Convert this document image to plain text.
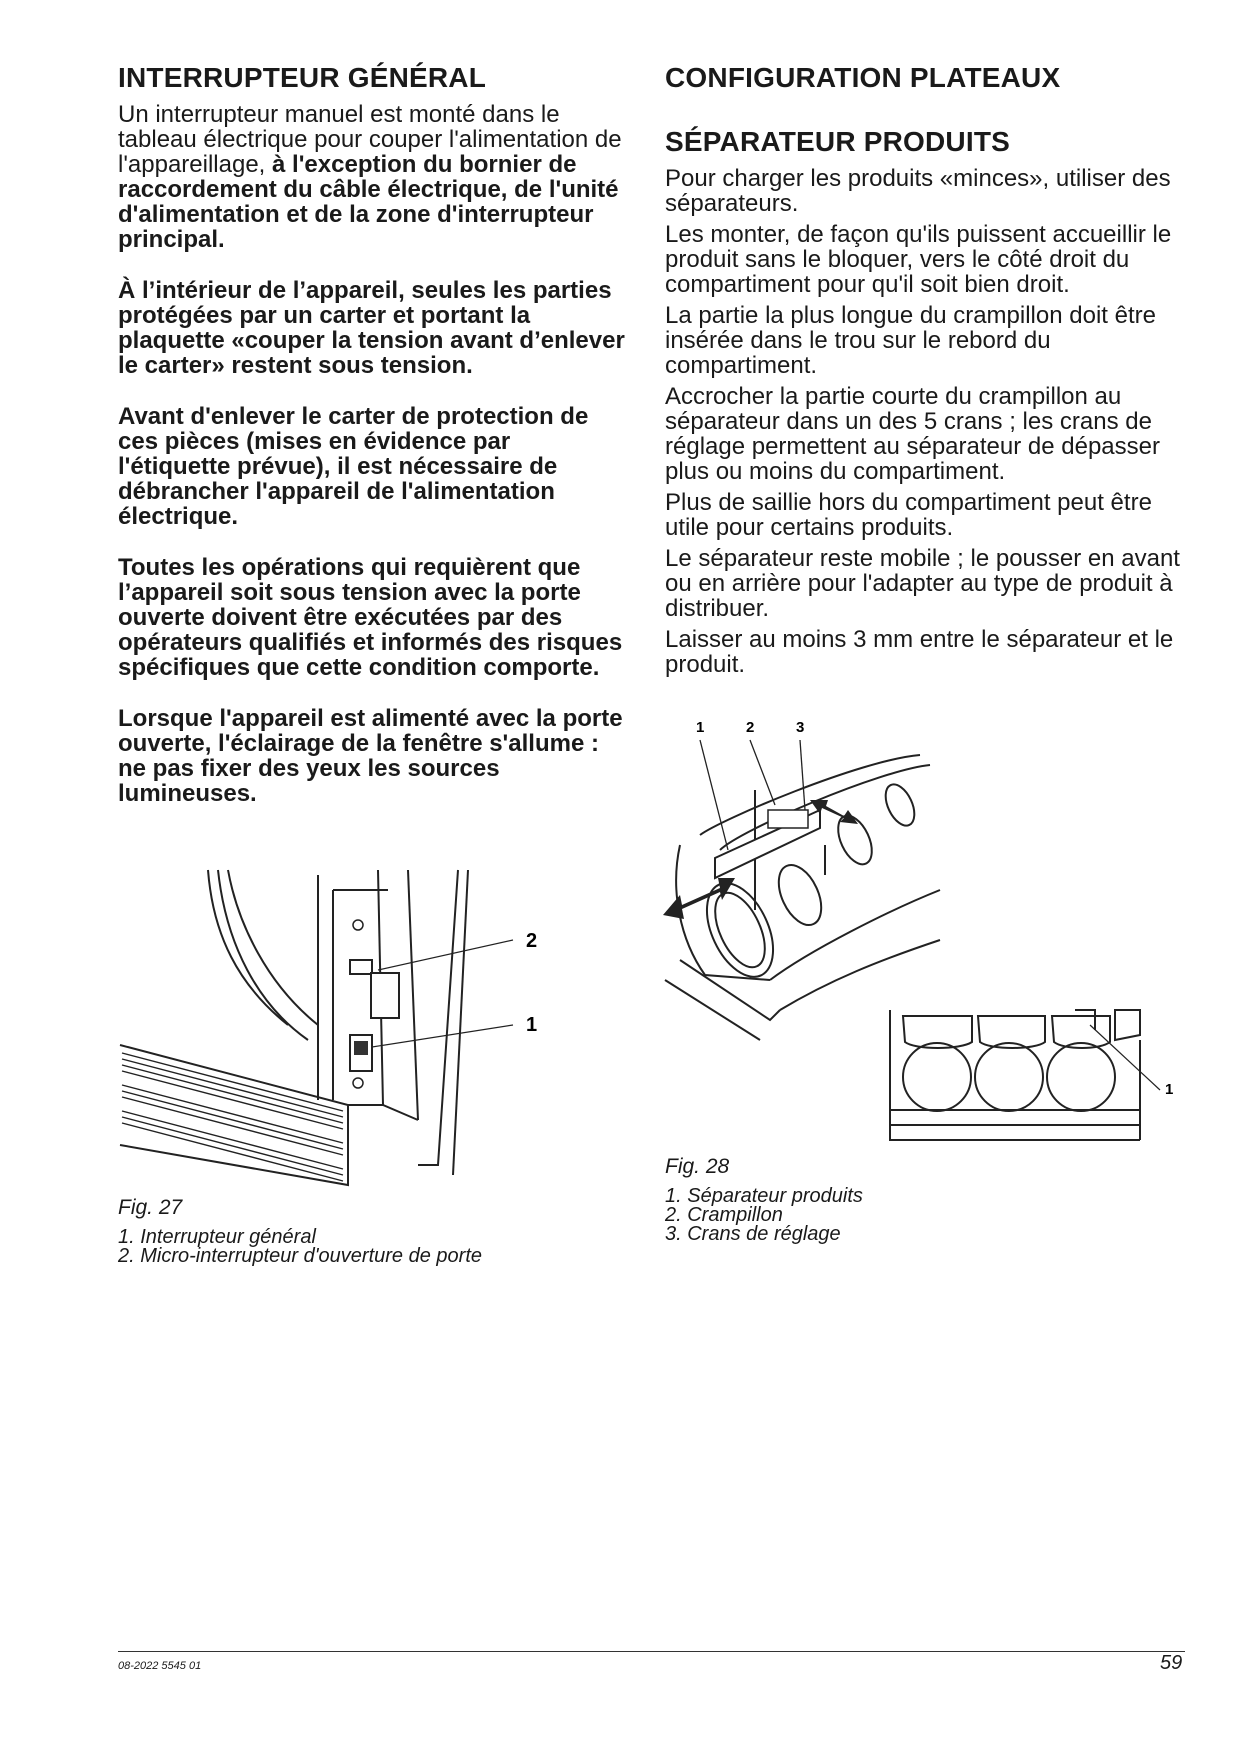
INTERRUPTEUR GÉNÉRAL
Un interrupteur manuel est monté dans le tableau électrique pour couper l'alimentation de l'appareillage, à l'exception du bornier de raccordement du câble électrique, de l'unité d'alimentation et de la zone d'interrupteur principal.
À l’intérieur de l’appareil, seules les parties protégées par un carter et portant la plaquette «couper la tension avant d’enlever le carter» restent sous tension.
Avant d'enlever le carter de protection de ces pièces (mises en évidence par l'étiquette prévue), il est nécessaire de débrancher l'appareil de l'alimentation électrique.
Toutes les opérations qui requièrent que l’appareil soit sous tension avec la porte ouverte doivent être exécutées par des opérateurs qualifiés et informés des risques spécifiques que cette condition comporte.
Lorsque l'appareil est alimenté avec la porte ouverte, l'éclairage de la fenêtre s'allume : ne pas fixer des yeux les sources lumineuses.
2
1

Fig. 27

1. Interrupteur général

2. Micro-interrupteur d'ouverture de porte

CONFIGURATION PLATEAUX
SÉPARATEUR PRODUITS
Pour charger les produits «minces», utiliser des séparateurs.
Les monter, de façon qu'ils puissent accueillir le produit sans le bloquer, vers le côté droit du compartiment pour qu'il soit bien droit.
La partie la plus longue du crampillon doit être insérée dans le trou sur le rebord du compartiment.
Accrocher la partie courte du crampillon au séparateur dans un des 5 crans ; les crans de réglage permettent au séparateur de dépasser plus ou moins du compartiment.
Plus de saillie hors du compartiment peut être utile pour certains produits.
Le séparateur reste mobile ; le pousser en avant ou en arrière pour l'adapter au type de produit à distribuer.
Laisser au moins 3 mm entre le séparateur et le produit.
1	2	3
1

Fig. 28

1. Séparateur produits

2. Crampillon

3. Crans de réglage

08-2022 5545 01	59
